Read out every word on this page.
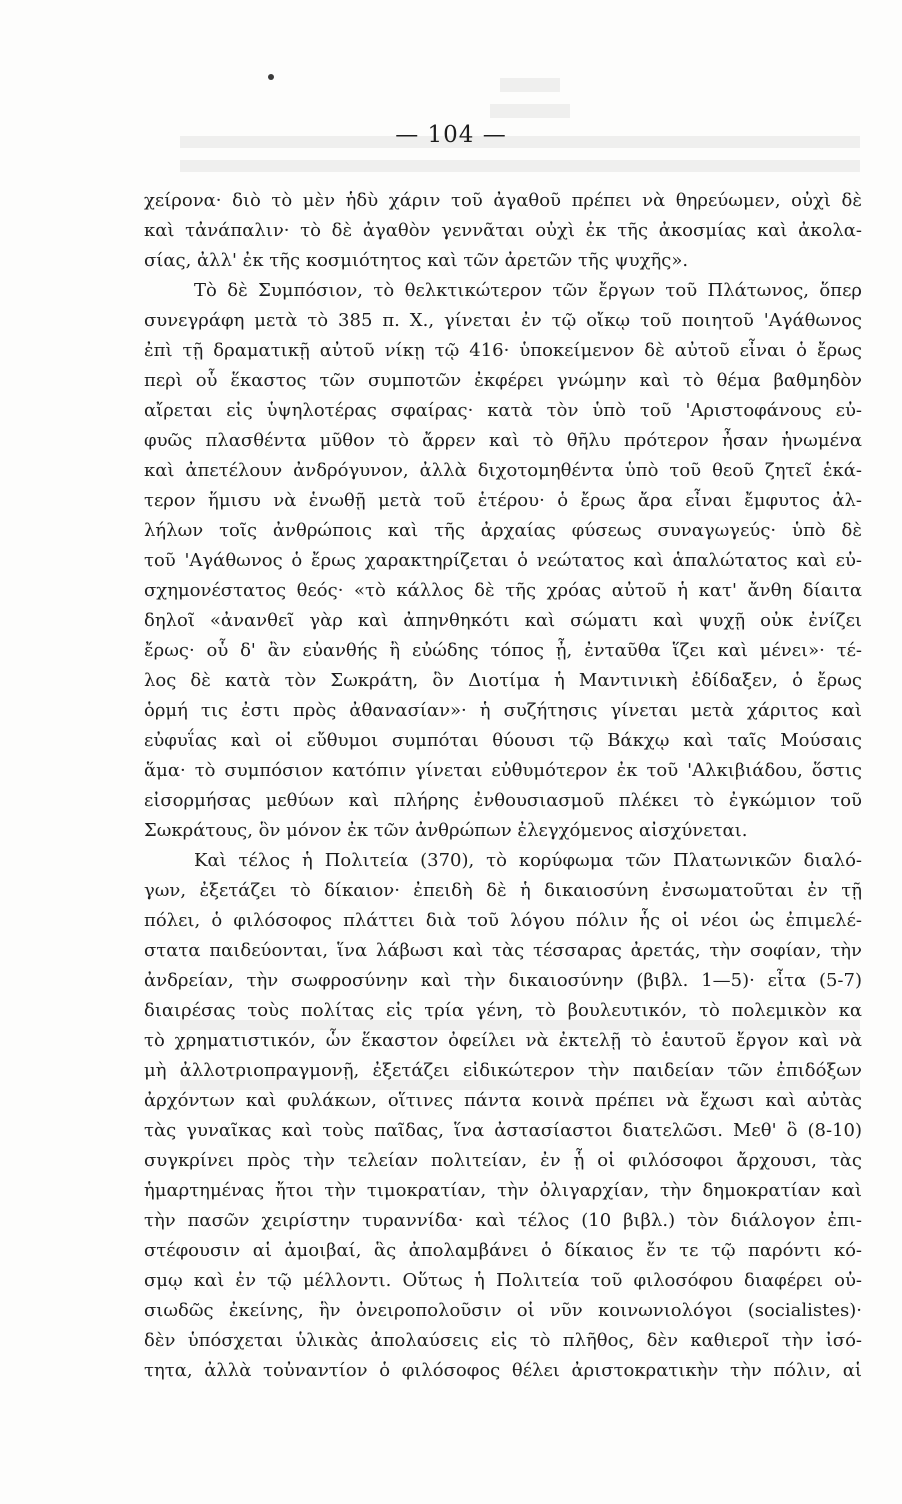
— 104 —
χείρονα· διὸ τὸ μὲν ἡδὺ χάριν τοῦ ἀγαθοῦ πρέπει νὰ θηρεύωμεν, οὐχὶ δὲ
καὶ τἀνάπαλιν· τὸ δὲ ἀγαθὸν γεννᾶται οὐχὶ ἐκ τῆς ἀκοσμίας καὶ ἀκολα-
σίας, ἀλλ' ἐκ τῆς κοσμιότητος καὶ τῶν ἀρετῶν τῆς ψυχῆς».
Τὸ δὲ Συμπόσιον, τὸ θελκτικώτερον τῶν ἔργων τοῦ Πλάτωνος, ὅπερ
συνεγράφη μετὰ τὸ 385 π. Χ., γίνεται ἐν τῷ οἴκῳ τοῦ ποιητοῦ 'Αγάθωνος
ἐπὶ τῇ δραματικῇ αὐτοῦ νίκῃ τῷ 416· ὑποκείμενον δὲ αὐτοῦ εἶναι ὁ ἔρως
περὶ οὗ ἕκαστος τῶν συμποτῶν ἐκφέρει γνώμην καὶ τὸ θέμα βαθμηδὸν
αἴρεται εἰς ὑψηλοτέρας σφαίρας· κατὰ τὸν ὑπὸ τοῦ 'Αριστοφάνους εὐ-
φυῶς πλασθέντα μῦθον τὸ ἄρρεν καὶ τὸ θῆλυ πρότερον ἦσαν ἡνωμένα
καὶ ἀπετέλουν ἀνδρόγυνον, ἀλλὰ διχοτομηθέντα ὑπὸ τοῦ θεοῦ ζητεῖ ἑκά-
τερον ἥμισυ νὰ ἑνωθῇ μετὰ τοῦ ἑτέρου· ὁ ἔρως ἄρα εἶναι ἔμφυτος ἀλ-
λήλων τοῖς ἀνθρώποις καὶ τῆς ἀρχαίας φύσεως συναγωγεύς· ὑπὸ δὲ
τοῦ 'Αγάθωνος ὁ ἔρως χαρακτηρίζεται ὁ νεώτατος καὶ ἁπαλώτατος καὶ εὐ-
σχημονέστατος θεός· «τὸ κάλλος δὲ τῆς χρόας αὐτοῦ ἡ κατ' ἄνθη δίαιτα
δηλοῖ «ἀνανθεῖ γὰρ καὶ ἀπηνθηκότι καὶ σώματι καὶ ψυχῇ οὐκ ἐνίζει
ἔρως· οὗ δ' ἂν εὐανθής ἢ εὐώδης τόπος ᾖ, ἐνταῦθα ἵζει καὶ μένει»· τέ-
λος δὲ κατὰ τὸν Σωκράτη, ὃν Διοτίμα ἡ Μαντινικὴ ἐδίδαξεν, ὁ ἔρως
ὁρμή τις ἐστι πρὸς ἀθανασίαν»· ἡ συζήτησις γίνεται μετὰ χάριτος καὶ
εὐφυΐας καὶ οἱ εὔθυμοι συμπόται θύουσι τῷ Βάκχῳ καὶ ταῖς Μούσαις
ἅμα· τὸ συμπόσιον κατόπιν γίνεται εὐθυμότερον ἐκ τοῦ 'Αλκιβιάδου, ὅστις
εἰσορμήσας μεθύων καὶ πλήρης ἐνθουσιασμοῦ πλέκει τὸ ἐγκώμιον τοῦ
Σωκράτους, ὃν μόνον ἐκ τῶν ἀνθρώπων ἐλεγχόμενος αἰσχύνεται.
Καὶ τέλος ἡ Πολιτεία (370), τὸ κορύφωμα τῶν Πλατωνικῶν διαλό-
γων, ἐξετάζει τὸ δίκαιον· ἐπειδὴ δὲ ἡ δικαιοσύνη ἐνσωματοῦται ἐν τῇ
πόλει, ὁ φιλόσοφος πλάττει διὰ τοῦ λόγου πόλιν ἧς οἱ νέοι ὡς ἐπιμελέ-
στατα παιδεύονται, ἵνα λάβωσι καὶ τὰς τέσσαρας ἀρετάς, τὴν σοφίαν, τὴν
ἀνδρείαν, τὴν σωφροσύνην καὶ τὴν δικαιοσύνην (βιβλ. 1—5)· εἶτα (5-7)
διαιρέσας τοὺς πολίτας εἰς τρία γένη, τὸ βουλευτικόν, τὸ πολεμικὸν κα
τὸ χρηματιστικόν, ὧν ἕκαστον ὀφείλει νὰ ἐκτελῇ τὸ ἑαυτοῦ ἔργον καὶ νὰ
μὴ ἀλλοτριοπραγμονῇ, ἐξετάζει εἰδικώτερον τὴν παιδείαν τῶν ἐπιδόξων
ἀρχόντων καὶ φυλάκων, οἵτινες πάντα κοινὰ πρέπει νὰ ἔχωσι καὶ αὐτὰς
τὰς γυναῖκας καὶ τοὺς παῖδας, ἵνα ἀστασίαστοι διατελῶσι. Μεθ' ὃ (8-10)
συγκρίνει πρὸς τὴν τελείαν πολιτείαν, ἐν ᾗ οἱ φιλόσοφοι ἄρχουσι, τὰς
ἡμαρτημένας ἤτοι τὴν τιμοκρατίαν, τὴν ὀλιγαρχίαν, τὴν δημοκρατίαν καὶ
τὴν πασῶν χειρίστην τυραννίδα· καὶ τέλος (10 βιβλ.) τὸν διάλογον ἐπι-
στέφουσιν αἱ ἀμοιβαί, ἃς ἀπολαμβάνει ὁ δίκαιος ἔν τε τῷ παρόντι κό-
σμῳ καὶ ἐν τῷ μέλλοντι. Οὕτως ἡ Πολιτεία τοῦ φιλοσόφου διαφέρει οὐ-
σιωδῶς ἐκείνης, ἣν ὀνειροπολοῦσιν οἱ νῦν κοινωνιολόγοι (socialistes)·
δὲν ὑπόσχεται ὑλικὰς ἀπολαύσεις εἰς τὸ πλῆθος, δὲν καθιεροῖ τὴν ἰσό-
τητα, ἀλλὰ τοὐναντίον ὁ φιλόσοφος θέλει ἀριστοκρατικὴν τὴν πόλιν, αἱ
